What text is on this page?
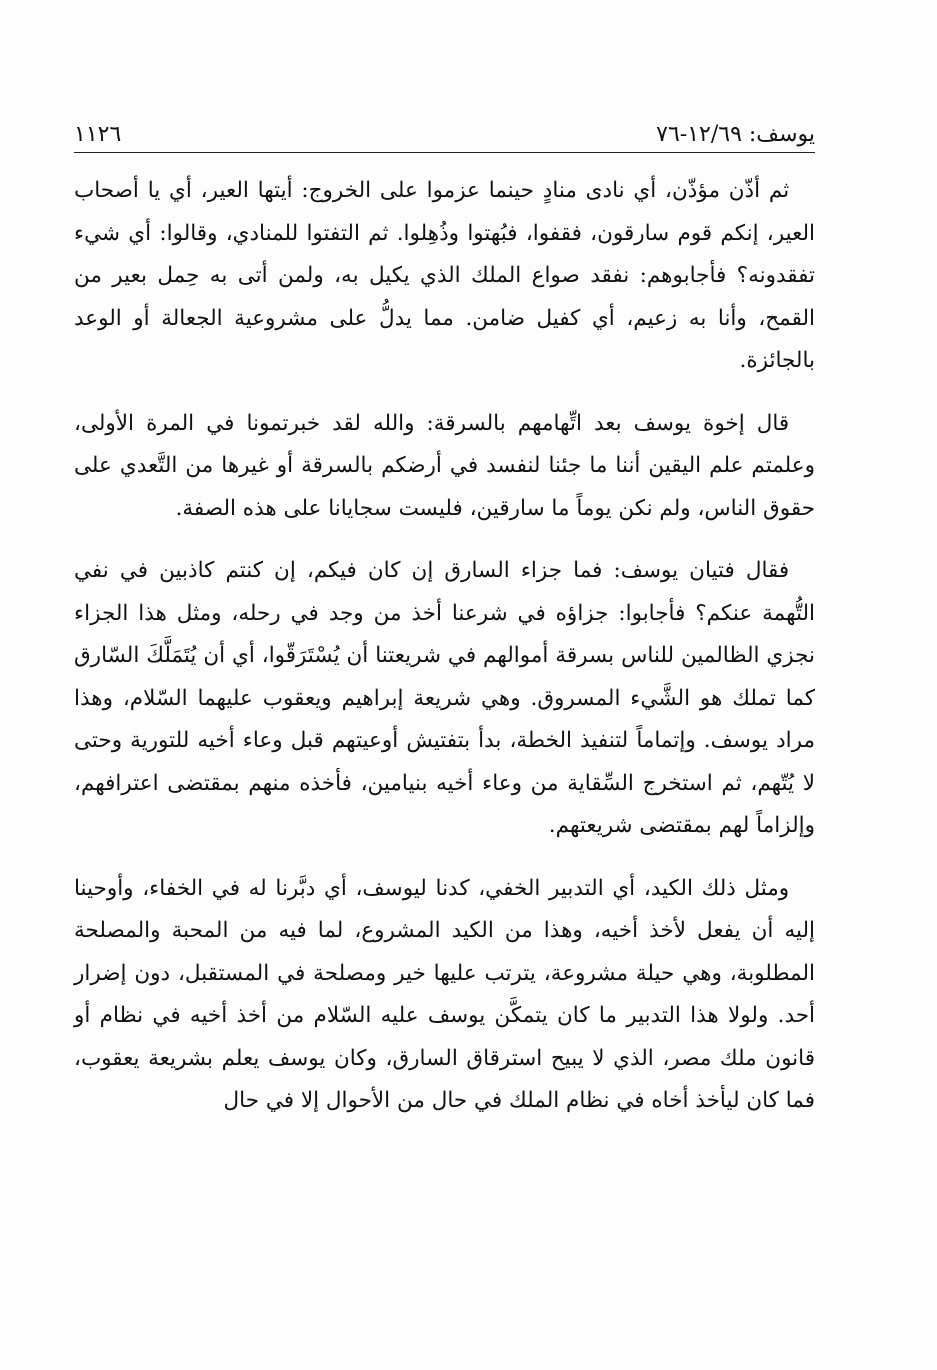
يوسف: ١٢/٦٩-٧٦
١١٢٦

ثم أذّن مؤذّن، أي نادى منادٍ حينما عزموا على الخروج: أيتها العير، أي يا أصحاب العير، إنكم قوم سارقون، فقفوا، فبُهتوا وذُهِلوا. ثم التفتوا للمنادي، وقالوا: أي شيء تفقدونه؟ فأجابوهم: نفقد صواع الملك الذي يكيل به، ولمن أتى به حِمل بعير من القمح، وأنا به زعيم، أي كفيل ضامن. مما يدلُّ على مشروعية الجعالة أو الوعد بالجائزة.

قال إخوة يوسف بعد اتِّهامهم بالسرقة: والله لقد خبرتمونا في المرة الأولى، وعلمتم علم اليقين أننا ما جئنا لنفسد في أرضكم بالسرقة أو غيرها من التَّعدي على حقوق الناس، ولم نكن يوماً ما سارقين، فليست سجايانا على هذه الصفة.

فقال فتيان يوسف: فما جزاء السارق إن كان فيكم، إن كنتم كاذبين في نفي التُّهمة عنكم؟ فأجابوا: جزاؤه في شرعنا أخذ من وجد في رحله، ومثل هذا الجزاء نجزي الظالمين للناس بسرقة أموالهم في شريعتنا أن يُسْتَرَقّوا، أي أن يُتَمَلَّكَ السّارق كما تملك هو الشَّيء المسروق. وهي شريعة إبراهيم ويعقوب عليهما السّلام، وهذا مراد يوسف. وإتماماً لتنفيذ الخطة، بدأ بتفتيش أوعيتهم قبل وعاء أخيه للتورية وحتى لا يُتّهم، ثم استخرج السِّقاية من وعاء أخيه بنيامين، فأخذه منهم بمقتضى اعترافهم، وإلزاماً لهم بمقتضى شريعتهم.

ومثل ذلك الكيد، أي التدبير الخفي، كدنا ليوسف، أي دبَّرنا له في الخفاء، وأوحينا إليه أن يفعل لأخذ أخيه، وهذا من الكيد المشروع، لما فيه من المحبة والمصلحة المطلوبة، وهي حيلة مشروعة، يترتب عليها خير ومصلحة في المستقبل، دون إضرار أحد. ولولا هذا التدبير ما كان يتمكَّن يوسف عليه السّلام من أخذ أخيه في نظام أو قانون ملك مصر، الذي لا يبيح استرقاق السارق، وكان يوسف يعلم بشريعة يعقوب، فما كان ليأخذ أخاه في نظام الملك في حال من الأحوال إلا في حال
